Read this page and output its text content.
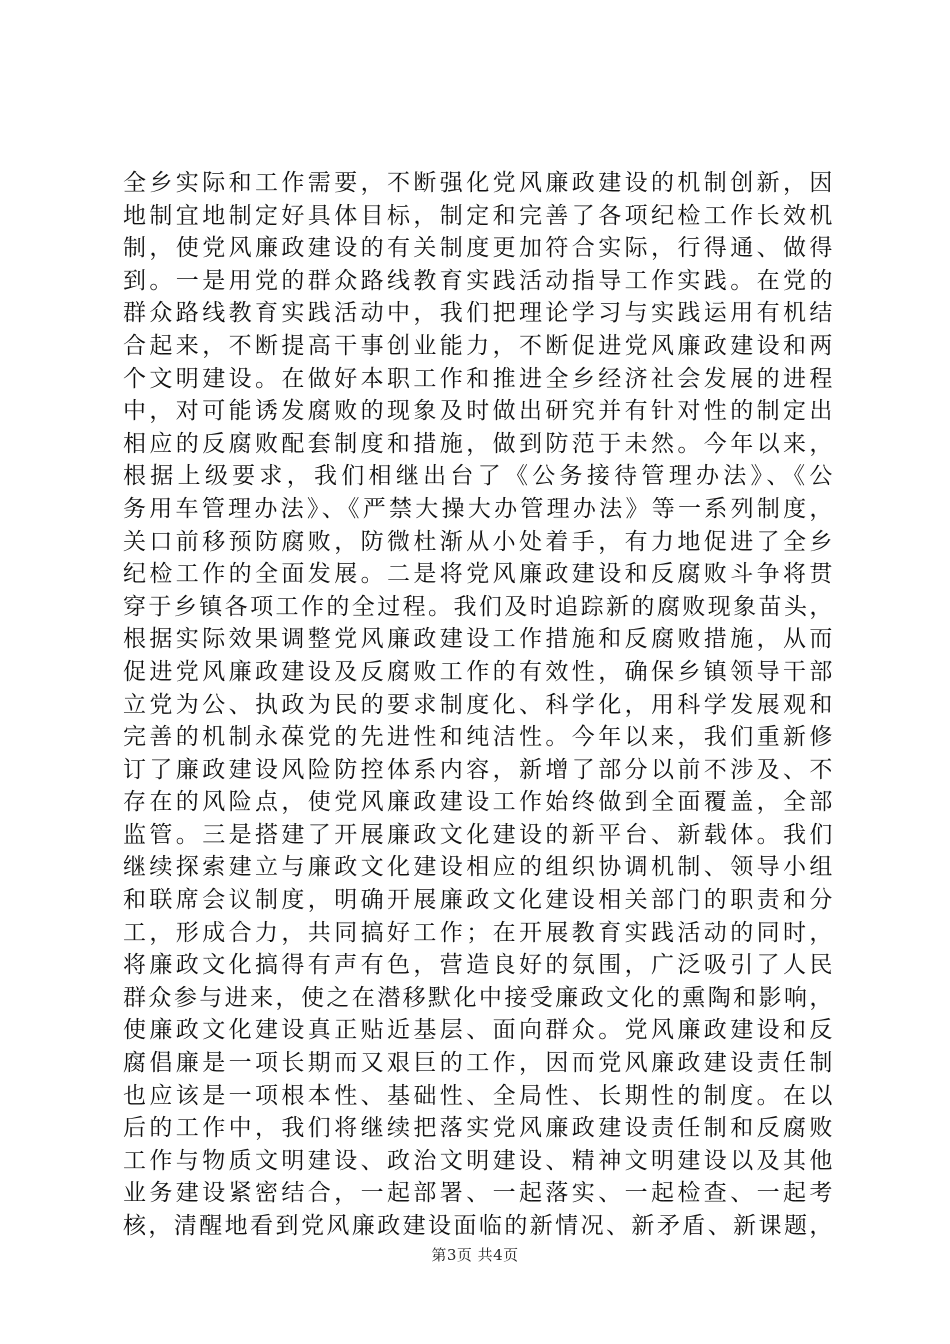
全乡实际和工作需要，不断强化党风廉政建设的机制创新，因
地制宜地制定好具体目标，制定和完善了各项纪检工作长效机
制，使党风廉政建设的有关制度更加符合实际，行得通、做得
到。一是用党的群众路线教育实践活动指导工作实践。在党的
群众路线教育实践活动中，我们把理论学习与实践运用有机结
合起来，不断提高干事创业能力，不断促进党风廉政建设和两
个文明建设。在做好本职工作和推进全乡经济社会发展的进程
中，对可能诱发腐败的现象及时做出研究并有针对性的制定出
相应的反腐败配套制度和措施，做到防范于未然。今年以来，
根据上级要求，我们相继出台了《公务接待管理办法》、《公
务用车管理办法》、《严禁大操大办管理办法》等一系列制度，
关口前移预防腐败，防微杜渐从小处着手，有力地促进了全乡
纪检工作的全面发展。二是将党风廉政建设和反腐败斗争将贯
穿于乡镇各项工作的全过程。我们及时追踪新的腐败现象苗头，
根据实际效果调整党风廉政建设工作措施和反腐败措施，从而
促进党风廉政建设及反腐败工作的有效性，确保乡镇领导干部
立党为公、执政为民的要求制度化、科学化，用科学发展观和
完善的机制永葆党的先进性和纯洁性。今年以来，我们重新修
订了廉政建设风险防控体系内容，新增了部分以前不涉及、不
存在的风险点，使党风廉政建设工作始终做到全面覆盖，全部
监管。三是搭建了开展廉政文化建设的新平台、新载体。我们
继续探索建立与廉政文化建设相应的组织协调机制、领导小组
和联席会议制度，明确开展廉政文化建设相关部门的职责和分
工，形成合力，共同搞好工作；在开展教育实践活动的同时，
将廉政文化搞得有声有色，营造良好的氛围，广泛吸引了人民
群众参与进来，使之在潜移默化中接受廉政文化的熏陶和影响，
使廉政文化建设真正贴近基层、面向群众。党风廉政建设和反
腐倡廉是一项长期而又艰巨的工作，因而党风廉政建设责任制
也应该是一项根本性、基础性、全局性、长期性的制度。在以
后的工作中，我们将继续把落实党风廉政建设责任制和反腐败
工作与物质文明建设、政治文明建设、精神文明建设以及其他
业务建设紧密结合，一起部署、一起落实、一起检查、一起考
核，清醒地看到党风廉政建设面临的新情况、新矛盾、新课题，
第3页 共4页
